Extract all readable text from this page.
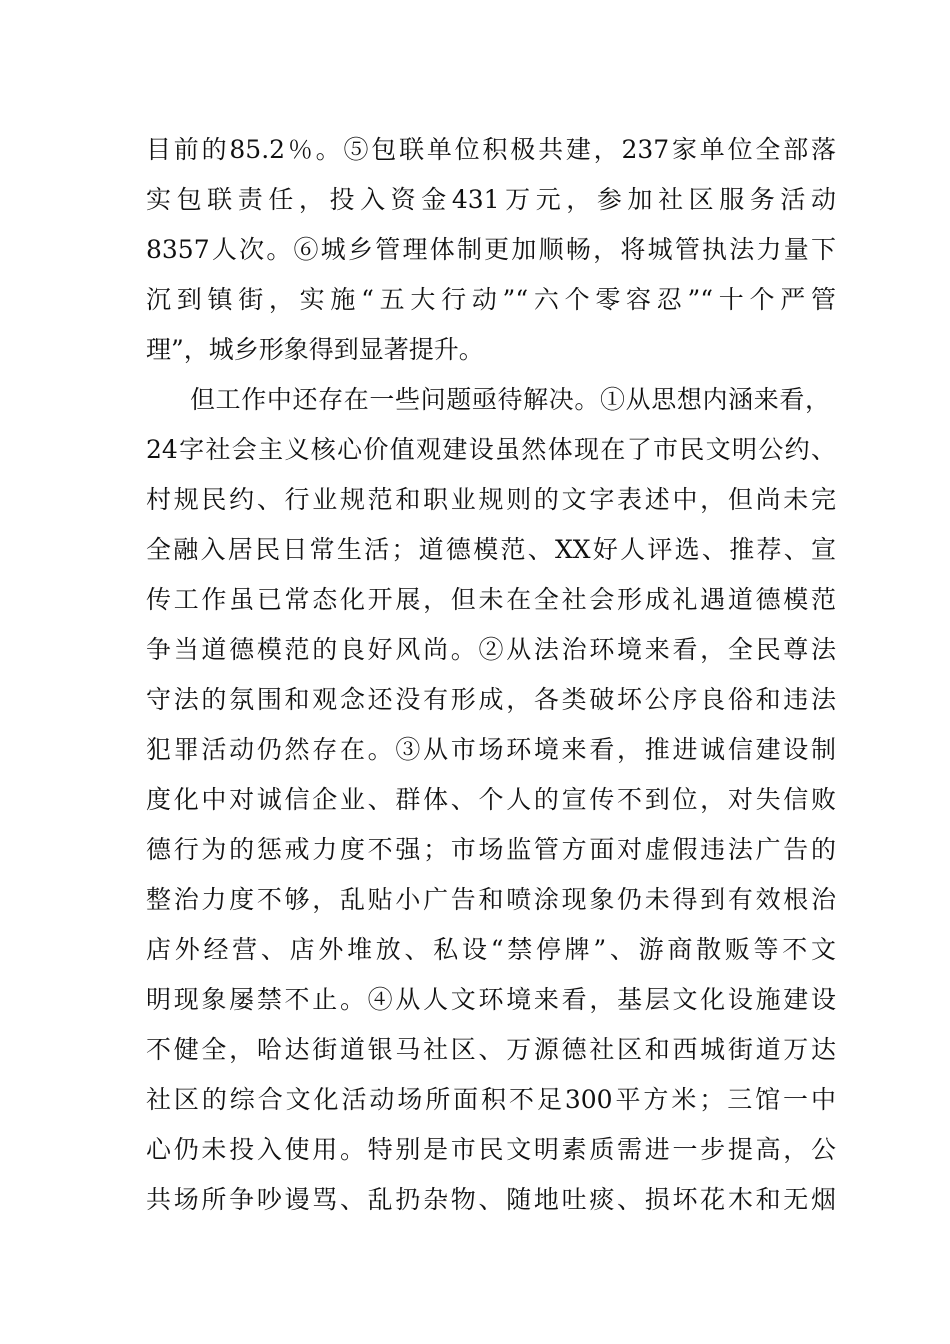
目前的85.2％。⑤包联单位积极共建，237家单位全部落
实包联责任，投入资金431万元，参加社区服务活动
8357人次。⑥城乡管理体制更加顺畅，将城管执法力量下
沉到镇街，实施“五大行动”“六个零容忍”“十个严管
理”，城乡形象得到显著提升。
但工作中还存在一些问题亟待解决。①从思想内涵来看，
24字社会主义核心价值观建设虽然体现在了市民文明公约、
村规民约、行业规范和职业规则的文字表述中，但尚未完
全融入居民日常生活；道德模范、XX好人评选、推荐、宣
传工作虽已常态化开展，但未在全社会形成礼遇道德模范
争当道德模范的良好风尚。②从法治环境来看，全民尊法
守法的氛围和观念还没有形成，各类破坏公序良俗和违法
犯罪活动仍然存在。③从市场环境来看，推进诚信建设制
度化中对诚信企业、群体、个人的宣传不到位，对失信败
德行为的惩戒力度不强；市场监管方面对虚假违法广告的
整治力度不够，乱贴小广告和喷涂现象仍未得到有效根治
店外经营、店外堆放、私设“禁停牌”、游商散贩等不文
明现象屡禁不止。④从人文环境来看，基层文化设施建设
不健全，哈达街道银马社区、万源德社区和西城街道万达
社区的综合文化活动场所面积不足300平方米；三馆一中
心仍未投入使用。特别是市民文明素质需进一步提高，公
共场所争吵谩骂、乱扔杂物、随地吐痰、损坏花木和无烟
